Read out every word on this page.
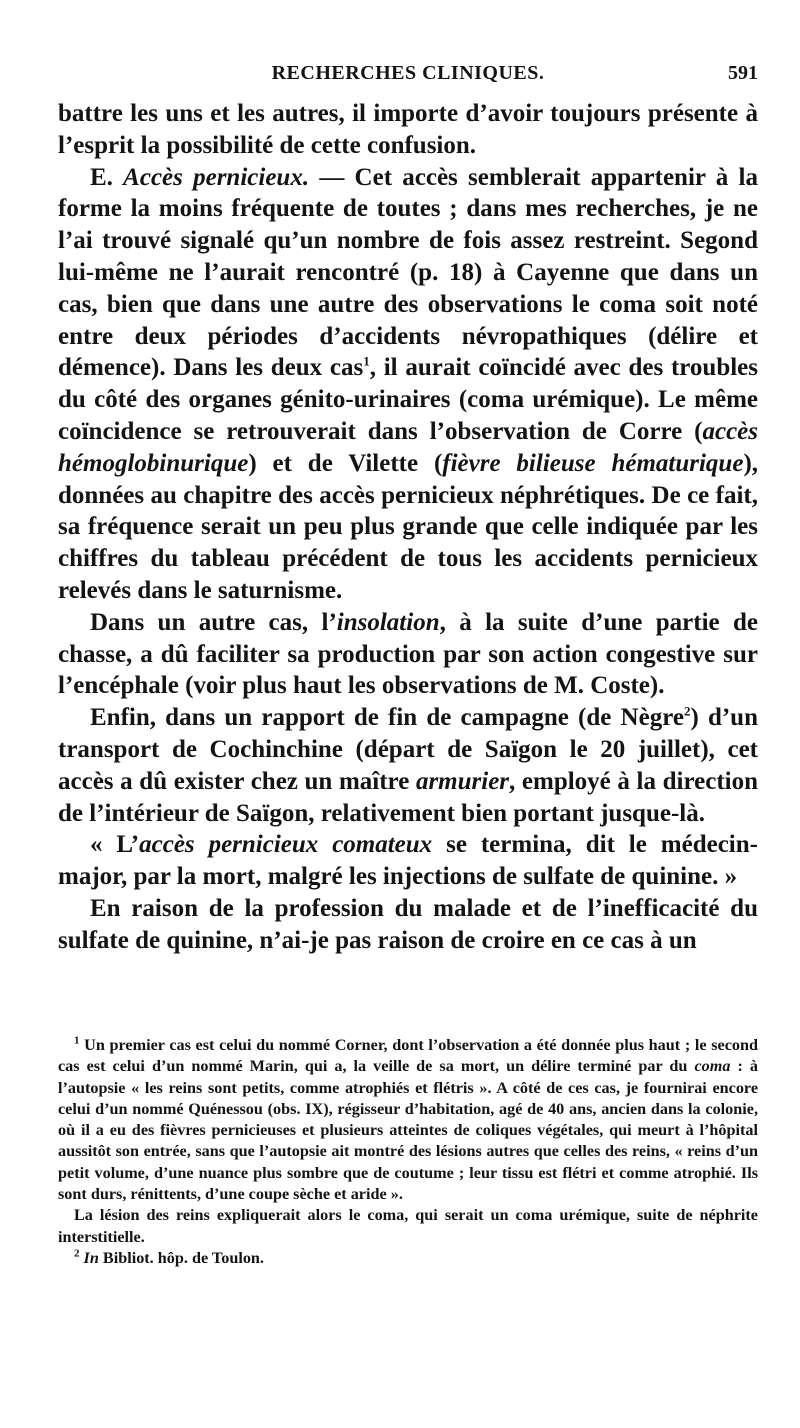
RECHERCHES CLINIQUES.	591

battre les uns et les autres, il importe d’avoir toujours présente à l’esprit la possibilité de cette confusion.

E. Accès pernicieux. — Cet accès semblerait appartenir à la forme la moins fréquente de toutes ; dans mes recherches, je ne l’ai trouvé signalé qu’un nombre de fois assez restreint. Segond lui-même ne l’aurait rencontré (p. 18) à Cayenne que dans un cas, bien que dans une autre des observations le coma soit noté entre deux périodes d’accidents névropathiques (délire et démence). Dans les deux cas$^1$, il aurait coïncidé avec des troubles du côté des organes génito-urinaires (coma urémique). Le même coïncidence se retrouverait dans l’observation de Corre (accès hémoglobinurique) et de Vilette (fièvre bilieuse hématurique), données au chapitre des accès pernicieux néphrétiques. De ce fait, sa fréquence serait un peu plus grande que celle indiquée par les chiffres du tableau précédent de tous les accidents pernicieux relevés dans le saturnisme.

Dans un autre cas, l’insolation, à la suite d’une partie de chasse, a dû faciliter sa production par son action congestive sur l’encéphale (voir plus haut les observations de M. Coste).

Enfin, dans un rapport de fin de campagne (de Nègre$^2$) d’un transport de Cochinchine (départ de Saïgon le 20 juillet), cet accès a dû exister chez un maître armurier, employé à la direction de l’intérieur de Saïgon, relativement bien portant jusque-là.

« L’accès pernicieux comateux se termina, dit le médecin-major, par la mort, malgré les injections de sulfate de quinine. »

En raison de la profession du malade et de l’inefficacité du sulfate de quinine, n’ai-je pas raison de croire en ce cas à un

$^1$ Un premier cas est celui du nommé Corner, dont l’observation a été donnée plus haut ; le second cas est celui d’un nommé Marin, qui a, la veille de sa mort, un délire terminé par du coma : à l’autopsie « les reins sont petits, comme atrophiés et flétris ». A côté de ces cas, je fournirai encore celui d’un nommé Quénessou (obs. IX), régisseur d’habitation, agé de 40 ans, ancien dans la colonie, où il a eu des fièvres pernicieuses et plusieurs atteintes de coliques végétales, qui meurt à l’hôpital aussitôt son entrée, sans que l’autopsie ait montré des lésions autres que celles des reins, « reins d’un petit volume, d’une nuance plus sombre que de coutume ; leur tissu est flétri et comme atrophié. Ils sont durs, rénittents, d’une coupe sèche et aride ».

La lésion des reins expliquerait alors le coma, qui serait un coma urémique, suite de néphrite interstitielle.

$^2$ In Bibliot. hôp. de Toulon.
